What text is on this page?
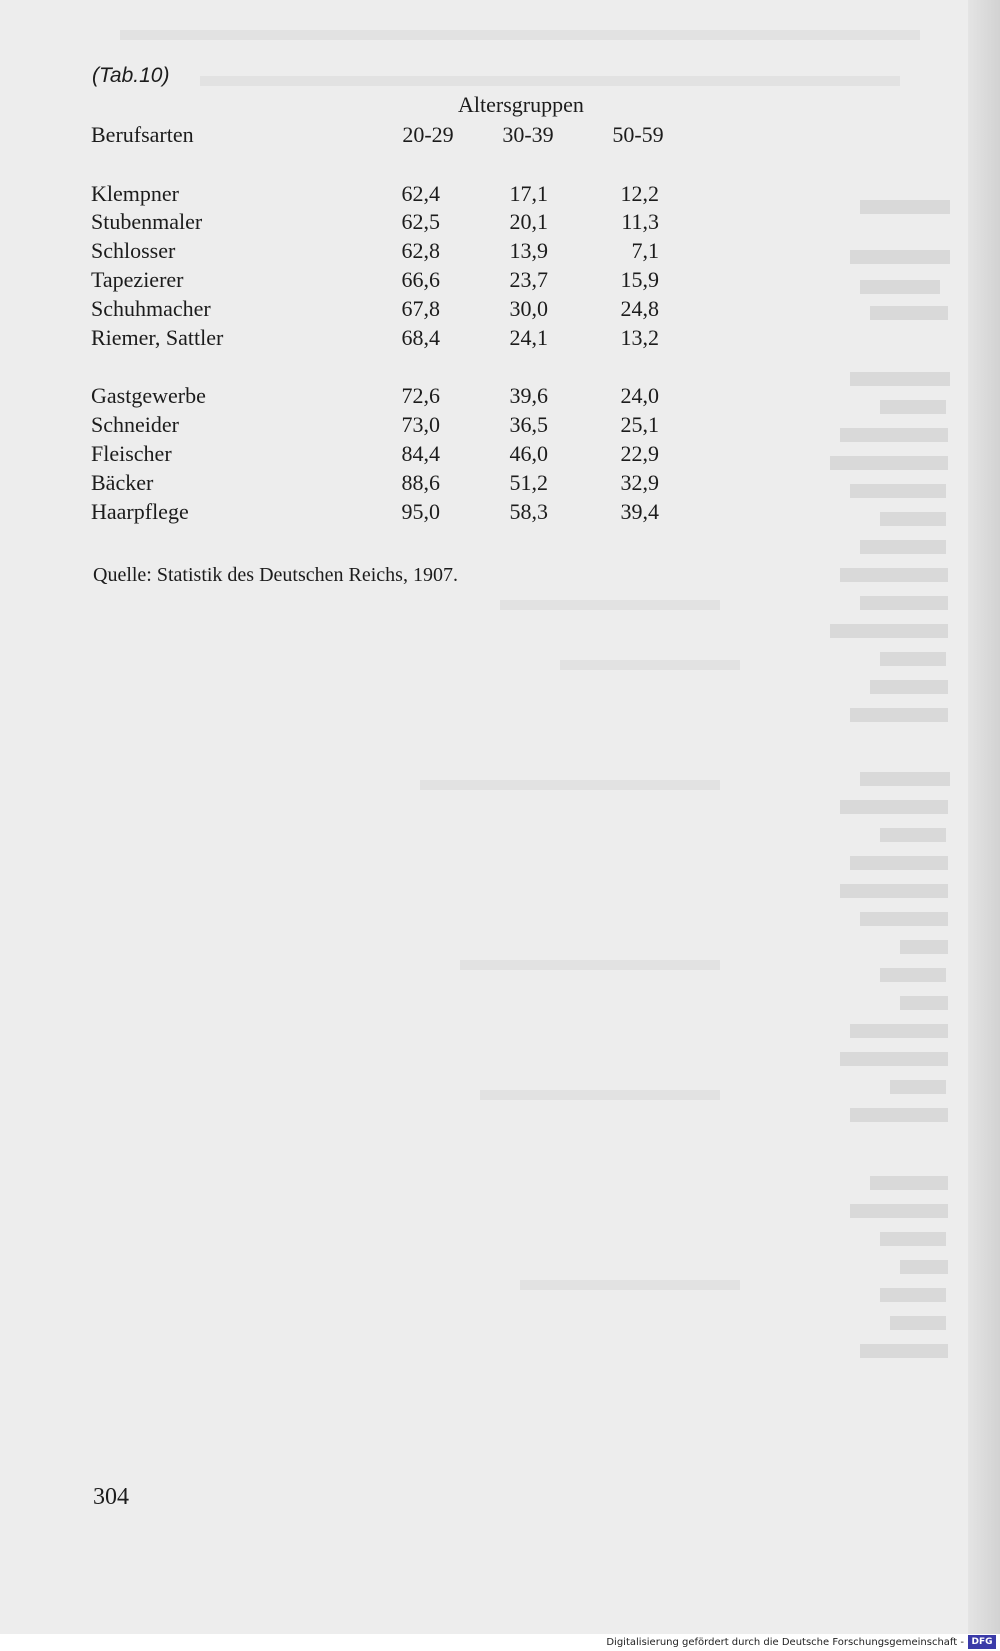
(Tab.10)
Altersgruppen
Berufsarten	20-29	30-39	50-59
Klempner	62,4	17,1	12,2
Stubenmaler	62,5	20,1	11,3
Schlosser	62,8	13,9	7,1
Tapezierer	66,6	23,7	15,9
Schuhmacher	67,8	30,0	24,8
Riemer, Sattler	68,4	24,1	13,2
Gastgewerbe	72,6	39,6	24,0
Schneider	73,0	36,5	25,1
Fleischer	84,4	46,0	22,9
Bäcker	88,6	51,2	32,9
Haarpflege	95,0	58,3	39,4
Quelle: Statistik des Deutschen Reichs, 1907.
304
Digitalisierung gefördert durch die Deutsche Forschungsgemeinschaft - DFG
